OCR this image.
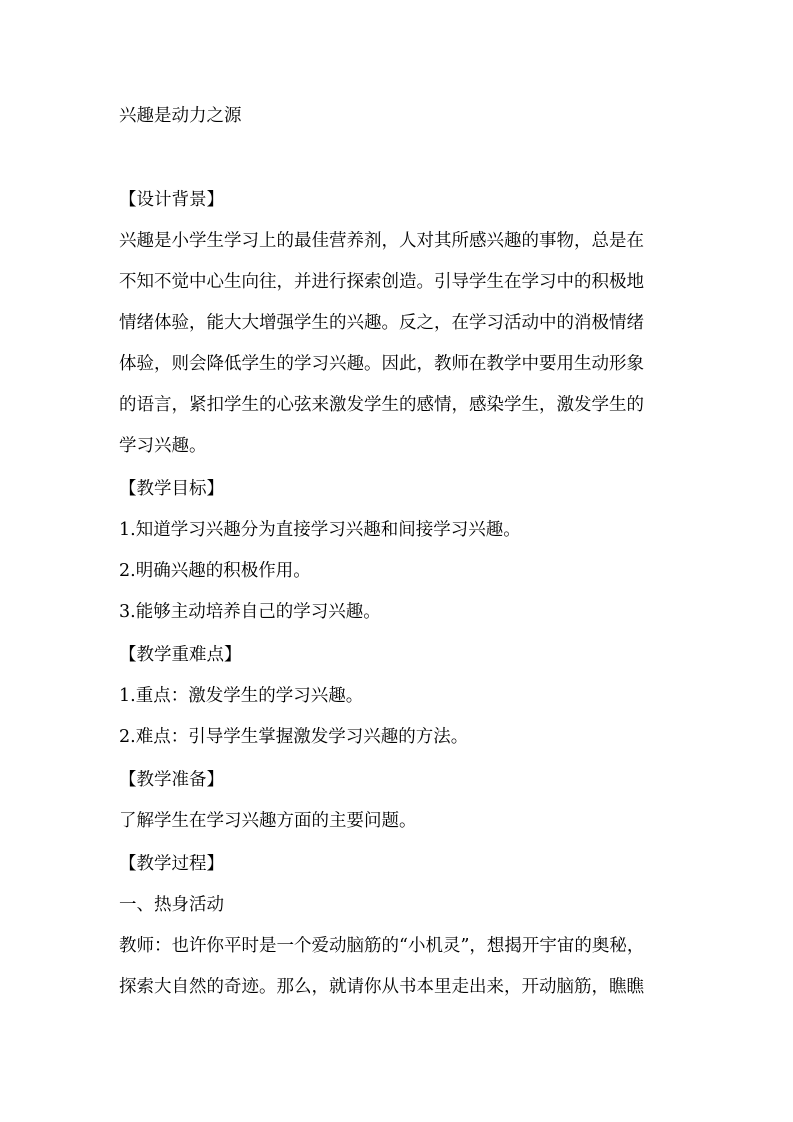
兴趣是动力之源
【设计背景】
兴趣是小学生学习上的最佳营养剂，人对其所感兴趣的事物，总是在
不知不觉中心生向往，并进行探索创造。引导学生在学习中的积极地
情绪体验，能大大增强学生的兴趣。反之，在学习活动中的消极情绪
体验，则会降低学生的学习兴趣。因此，教师在教学中要用生动形象
的语言，紧扣学生的心弦来激发学生的感情，感染学生，激发学生的
学习兴趣。
【教学目标】
1.知道学习兴趣分为直接学习兴趣和间接学习兴趣。
2.明确兴趣的积极作用。
3.能够主动培养自己的学习兴趣。
【教学重难点】
1.重点：激发学生的学习兴趣。
2.难点：引导学生掌握激发学习兴趣的方法。
【教学准备】
了解学生在学习兴趣方面的主要问题。
【教学过程】
一、热身活动
教师：也许你平时是一个爱动脑筋的“小机灵”，想揭开宇宙的奥秘，
探索大自然的奇迹。那么，就请你从书本里走出来，开动脑筋，瞧瞧
